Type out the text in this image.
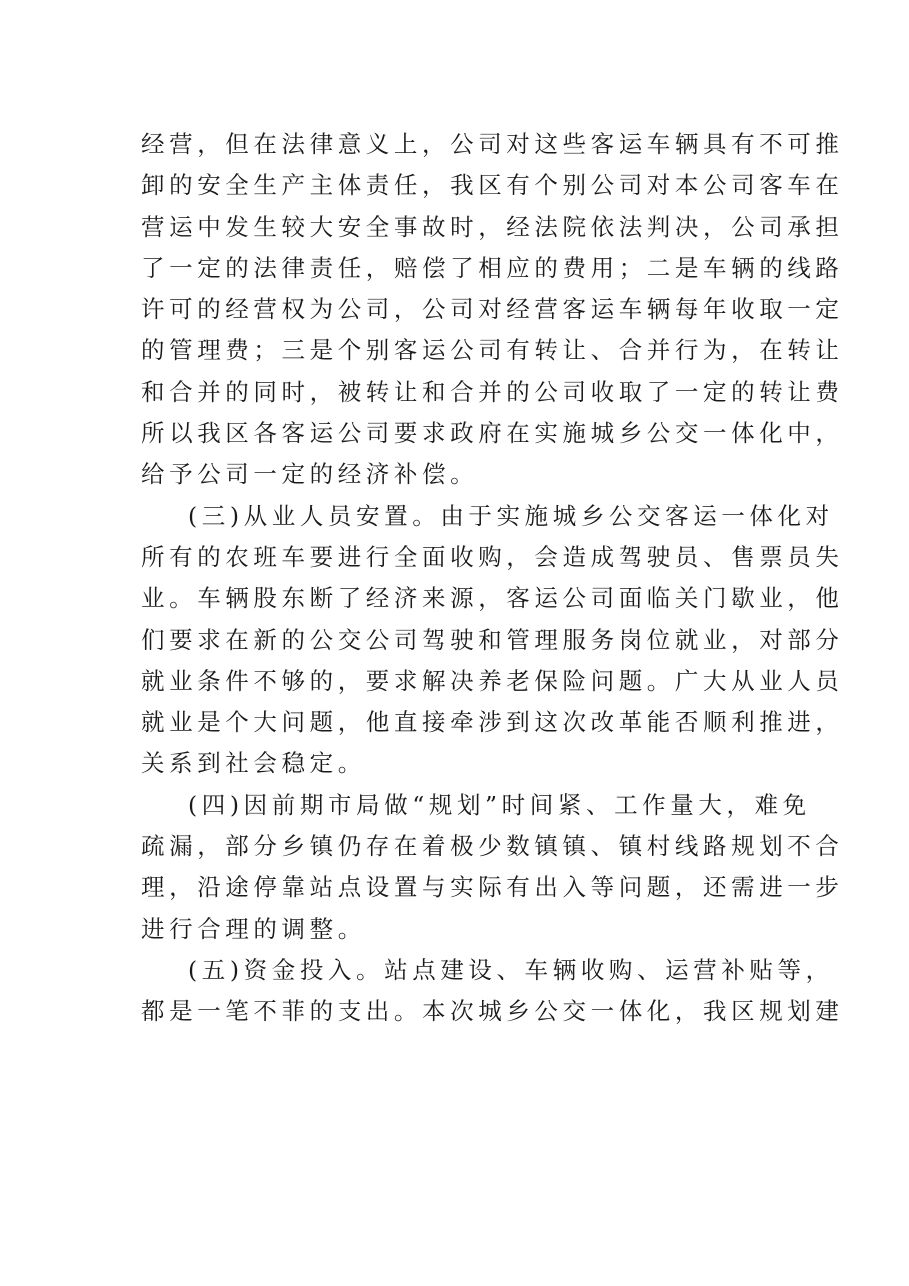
经营，但在法律意义上，公司对这些客运车辆具有不可推
卸的安全生产主体责任，我区有个别公司对本公司客车在
营运中发生较大安全事故时，经法院依法判决，公司承担
了一定的法律责任，赔偿了相应的费用；二是车辆的线路
许可的经营权为公司，公司对经营客运车辆每年收取一定
的管理费；三是个别客运公司有转让、合并行为，在转让
和合并的同时，被转让和合并的公司收取了一定的转让费
所以我区各客运公司要求政府在实施城乡公交一体化中，
给予公司一定的经济补偿。
(三)从业人员安置。由于实施城乡公交客运一体化对
所有的农班车要进行全面收购，会造成驾驶员、售票员失
业。车辆股东断了经济来源，客运公司面临关门歇业，他
们要求在新的公交公司驾驶和管理服务岗位就业，对部分
就业条件不够的，要求解决养老保险问题。广大从业人员
就业是个大问题，他直接牵涉到这次改革能否顺利推进，
关系到社会稳定。
(四)因前期市局做“规划”时间紧、工作量大，难免
疏漏，部分乡镇仍存在着极少数镇镇、镇村线路规划不合
理，沿途停靠站点设置与实际有出入等问题，还需进一步
进行合理的调整。
(五)资金投入。站点建设、车辆收购、运营补贴等，
都是一笔不菲的支出。本次城乡公交一体化，我区规划建
